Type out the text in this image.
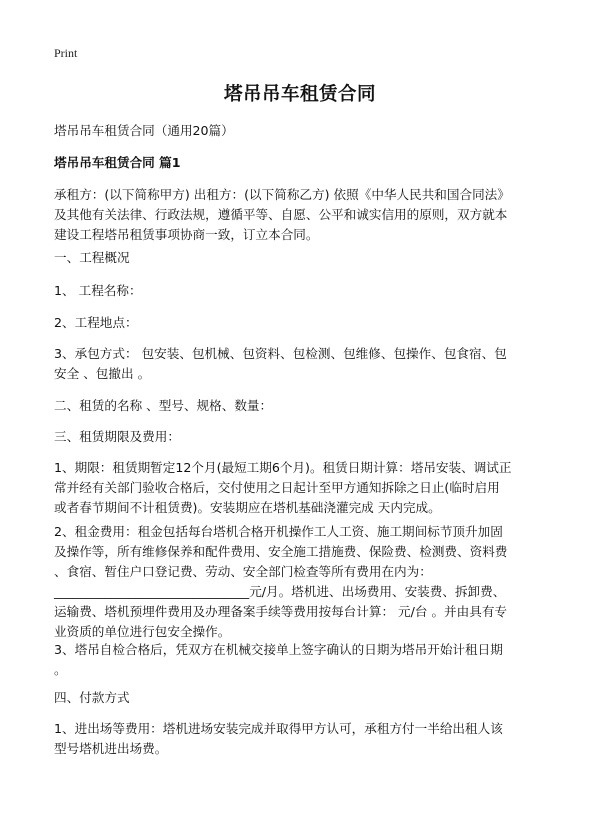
Print
塔吊吊车租赁合同
塔吊吊车租赁合同（通用20篇）
塔吊吊车租赁合同 篇1
承租方：(以下简称甲方) 出租方：(以下简称乙方) 依照《中华人民共和国合同法》
及其他有关法律、行政法规，遵循平等、自愿、公平和诚实信用的原则，双方就本
建设工程塔吊租赁事项协商一致，订立本合同。
一、工程概况
1、 工程名称：
2、工程地点：
3、承包方式： 包安装、包机械、包资料、包检测、包维修、包操作、包食宿、包
安全 、包撤出 。
二、租赁的名称 、型号、规格、数量：
三、租赁期限及费用：
1、期限：租赁期暂定12个月(最短工期6个月)。租赁日期计算：塔吊安装、调试正
常并经有关部门验收合格后，交付使用之日起计至甲方通知拆除之日止(临时启用
或者春节期间不计租赁费)。安装期应在塔机基础浇灌完成 天内完成。
2、租金费用：租金包括每台塔机合格开机操作工人工资、施工期间标节顶升加固
及操作等，所有维修保养和配件费用、安全施工措施费、保险费、检测费、资料费
、食宿、暂住户口登记费、劳动、安全部门检查等所有费用在内为：
_______________________________元/月。塔机进、出场费用、安装费、拆卸费、
运输费、塔机预埋件费用及办理备案手续等费用按每台计算： 元/台 。并由具有专
业资质的单位进行包安全操作。
3、塔吊自检合格后，凭双方在机械交接单上签字确认的日期为塔吊开始计租日期
。
四、付款方式
1、进出场等费用：塔机进场安装完成并取得甲方认可，承租方付一半给出租人该
型号塔机进出场费。
